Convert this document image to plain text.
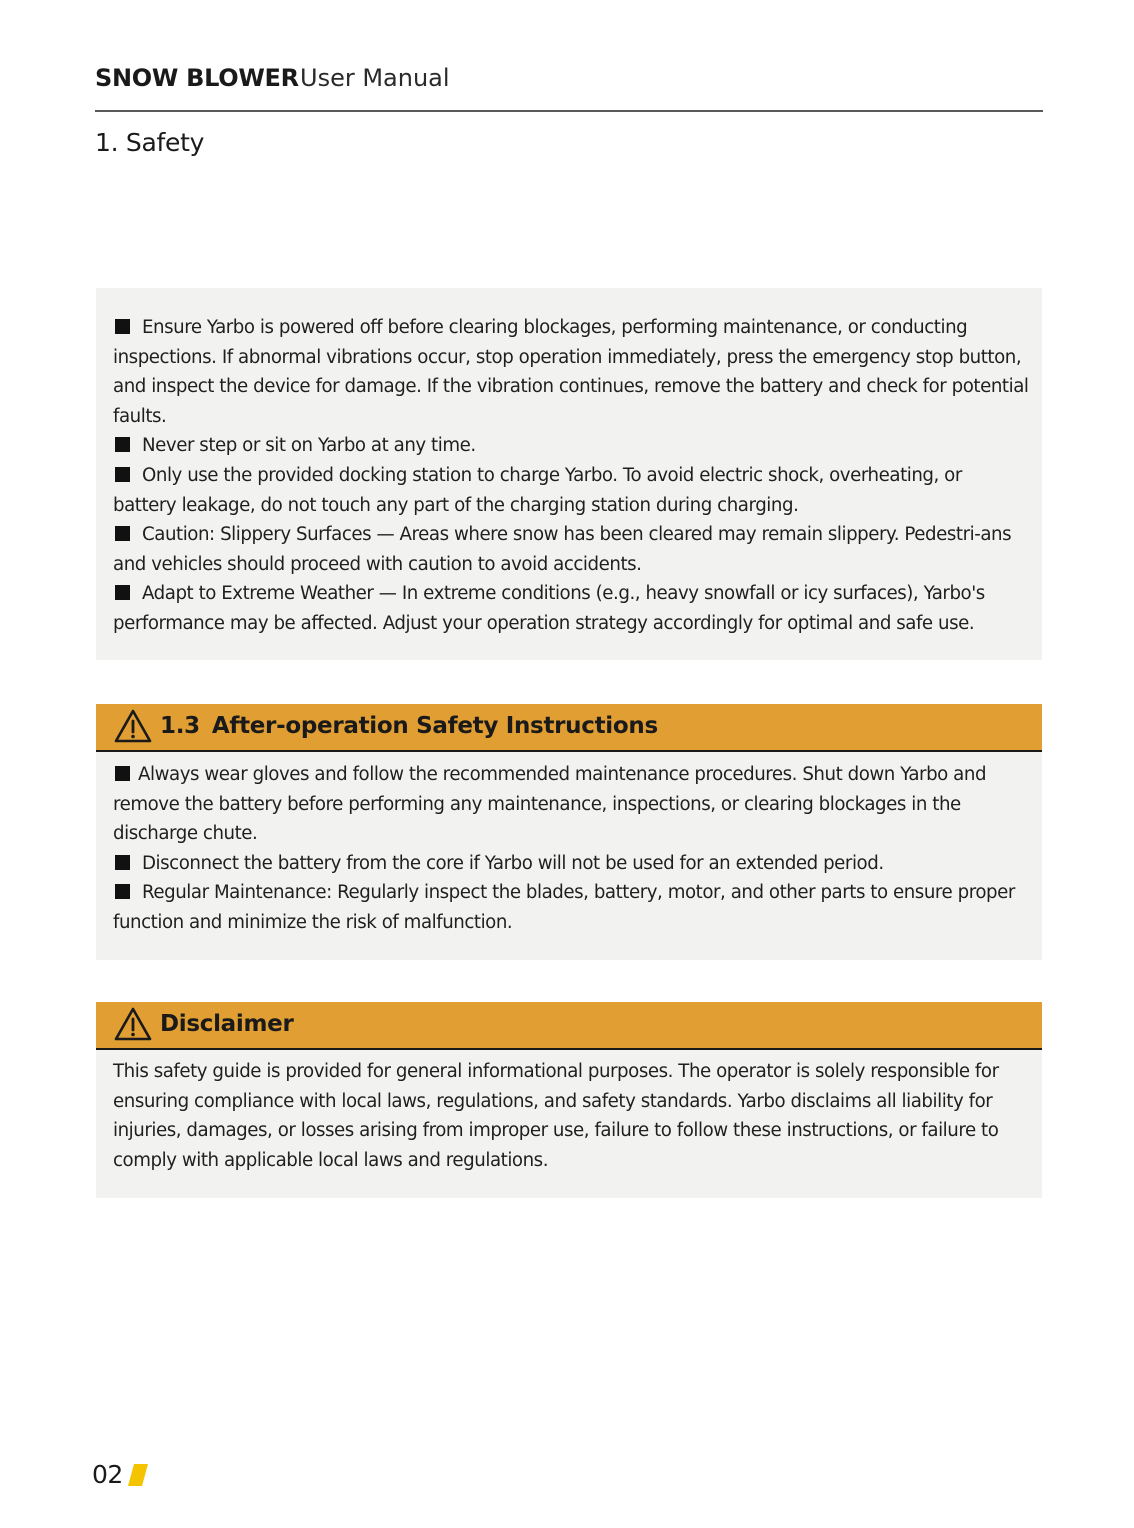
SNOW BLOWER User Manual
1. Safety

Ensure Yarbo is powered off before clearing blockages, performing maintenance, or conducting inspections. If abnormal vibrations occur, stop operation immediately, press the emergency stop button, and inspect the device for damage. If the vibration continues, remove the battery and check for potential faults.

Never step or sit on Yarbo at any time.

Only use the provided docking station to charge Yarbo. To avoid electric shock, overheating, or battery leakage, do not touch any part of the charging station during charging.

Caution: Slippery Surfaces — Areas where snow has been cleared may remain slippery. Pedestri-ans and vehicles should proceed with caution to avoid accidents.

Adapt to Extreme Weather — In extreme conditions (e.g., heavy snowfall or icy surfaces), Yarbo's performance may be affected. Adjust your operation strategy accordingly for optimal and safe use.

1.3 After-operation Safety Instructions

Always wear gloves and follow the recommended maintenance procedures. Shut down Yarbo and remove the battery before performing any maintenance, inspections, or clearing blockages in the discharge chute.

Disconnect the battery from the core if Yarbo will not be used for an extended period.

Regular Maintenance: Regularly inspect the blades, battery, motor, and other parts to ensure proper function and minimize the risk of malfunction.

Disclaimer

This safety guide is provided for general informational purposes. The operator is solely responsible for ensuring compliance with local laws, regulations, and safety standards. Yarbo disclaims all liability for injuries, damages, or losses arising from improper use, failure to follow these instructions, or failure to comply with applicable local laws and regulations.

02
